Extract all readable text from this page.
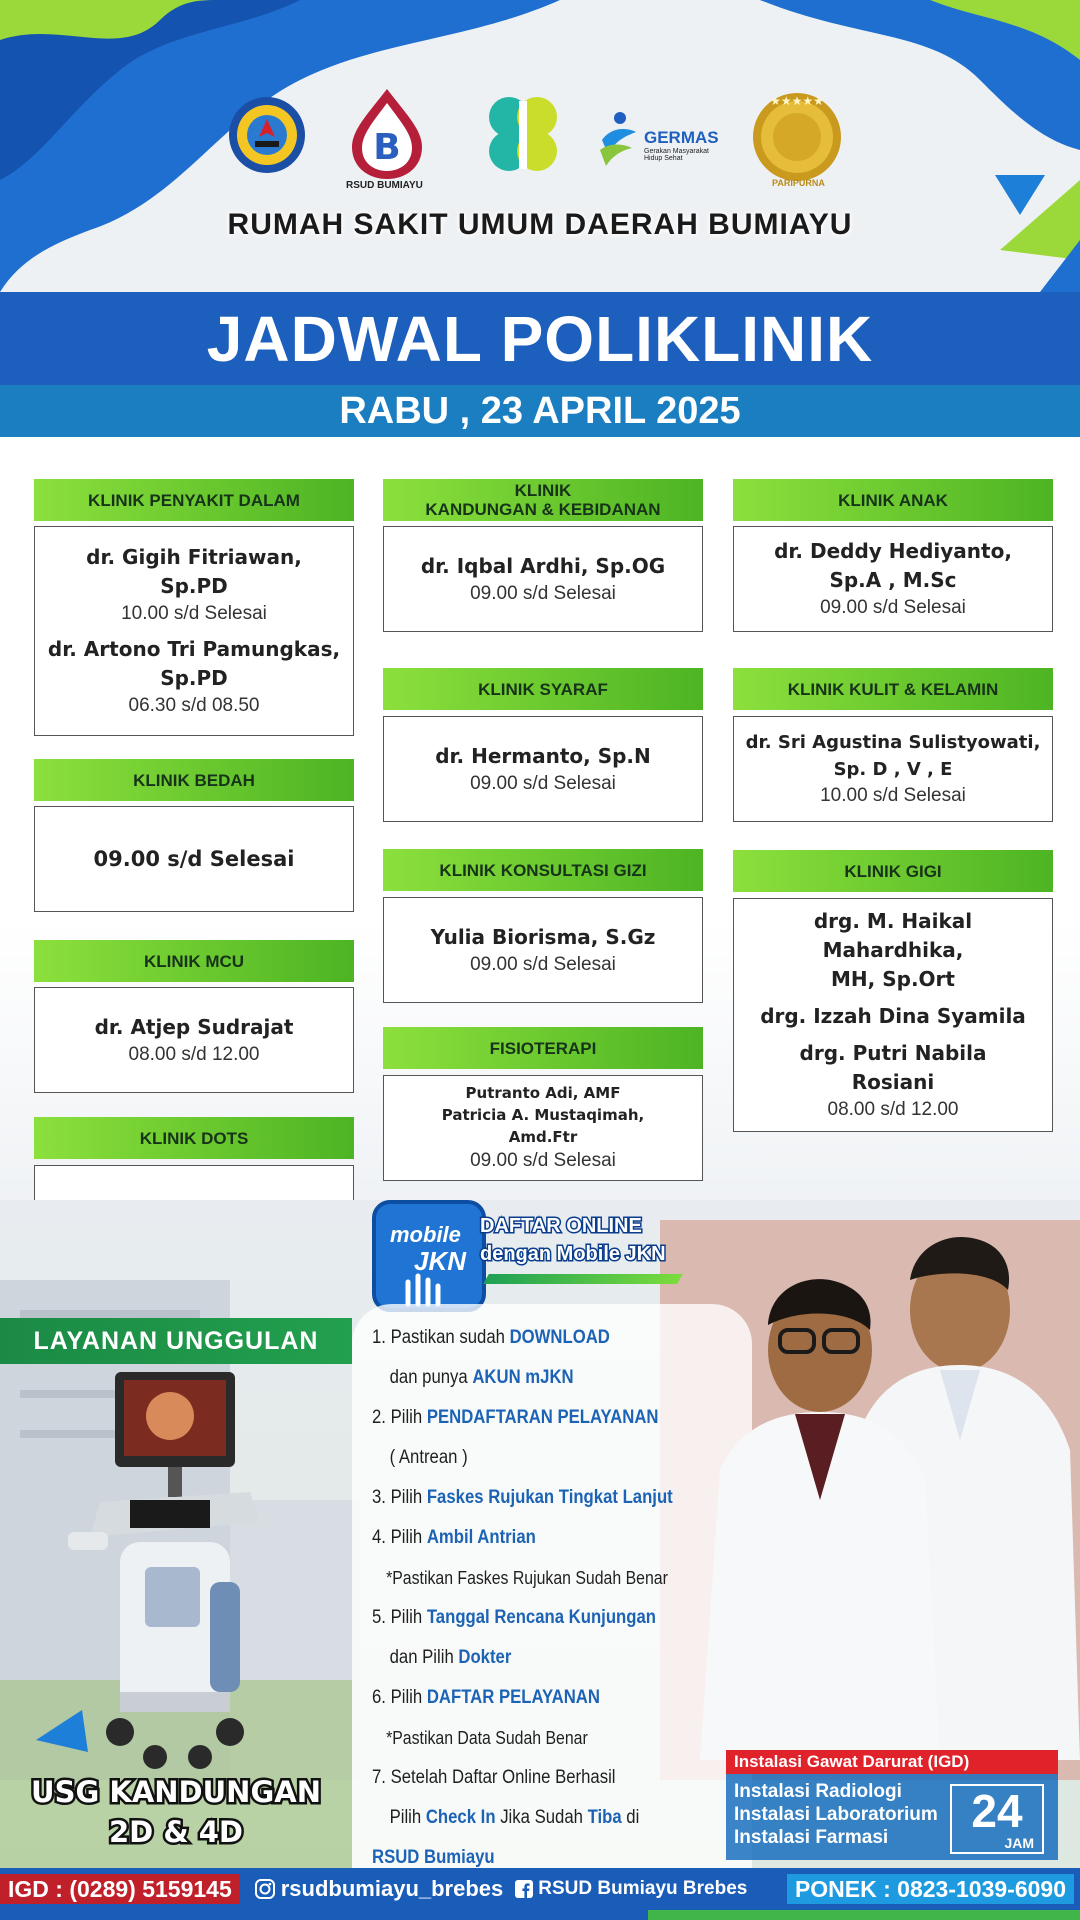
B
RSUD BUMIAYU
GERMAS
Gerakan Masyarakat Hidup Sehat
★★★★★
PARIPURNA
RUMAH SAKIT UMUM DAERAH BUMIAYU
JADWAL POLIKLINIK
RABU , 23 APRIL 2025
KLINIK PENYAKIT DALAM
dr. Gigih Fitriawan,
Sp.PD
10.00 s/d Selesai
dr. Artono Tri Pamungkas,
Sp.PD
06.30 s/d 08.50
KLINIK BEDAH
09.00 s/d Selesai
KLINIK MCU
dr. Atjep Sudrajat
08.00 s/d 12.00
KLINIK DOTS
KLINIK
KANDUNGAN & KEBIDANAN
dr. Iqbal Ardhi, Sp.OG
09.00 s/d Selesai
KLINIK SYARAF
dr. Hermanto, Sp.N
09.00 s/d Selesai
KLINIK KONSULTASI GIZI
Yulia Biorisma, S.Gz
09.00 s/d Selesai
FISIOTERAPI
Putranto Adi, AMF
Patricia A. Mustaqimah,
Amd.Ftr
09.00 s/d Selesai
KLINIK ANAK
dr. Deddy Hediyanto,
Sp.A , M.Sc
09.00 s/d Selesai
KLINIK KULIT & KELAMIN
dr. Sri Agustina Sulistyowati,
Sp. D , V , E
10.00 s/d Selesai
KLINIK GIGI
drg. M. Haikal Mahardhika,
MH, Sp.Ort
drg. Izzah Dina Syamila
drg. Putri Nabila
Rosiani
08.00 s/d 12.00
LAYANAN UNGGULAN
USG KANDUNGAN
2D & 4D
mobile
JKN
DAFTAR ONLINE
dengan Mobile JKN
1. Pastikan sudah DOWNLOAD
dan punya AKUN mJKN
2. Pilih PENDAFTARAN PELAYANAN
( Antrean )
3. Pilih Faskes Rujukan Tingkat Lanjut
4. Pilih Ambil Antrian
*Pastikan Faskes Rujukan Sudah Benar
5. Pilih Tanggal Rencana Kunjungan
dan Pilih Dokter
6. Pilih DAFTAR PELAYANAN
*Pastikan Data Sudah Benar
7. Setelah Daftar Online Berhasil
Pilih Check In Jika Sudah Tiba di
RSUD Bumiayu
Instalasi Gawat Darurat (IGD)
Instalasi Radiologi
Instalasi Laboratorium
Instalasi Farmasi
24
JAM
IGD : (0289) 5159145	rsudbumiayu_brebes RSUD Bumiayu Brebes	PONEK : 0823-1039-6090
